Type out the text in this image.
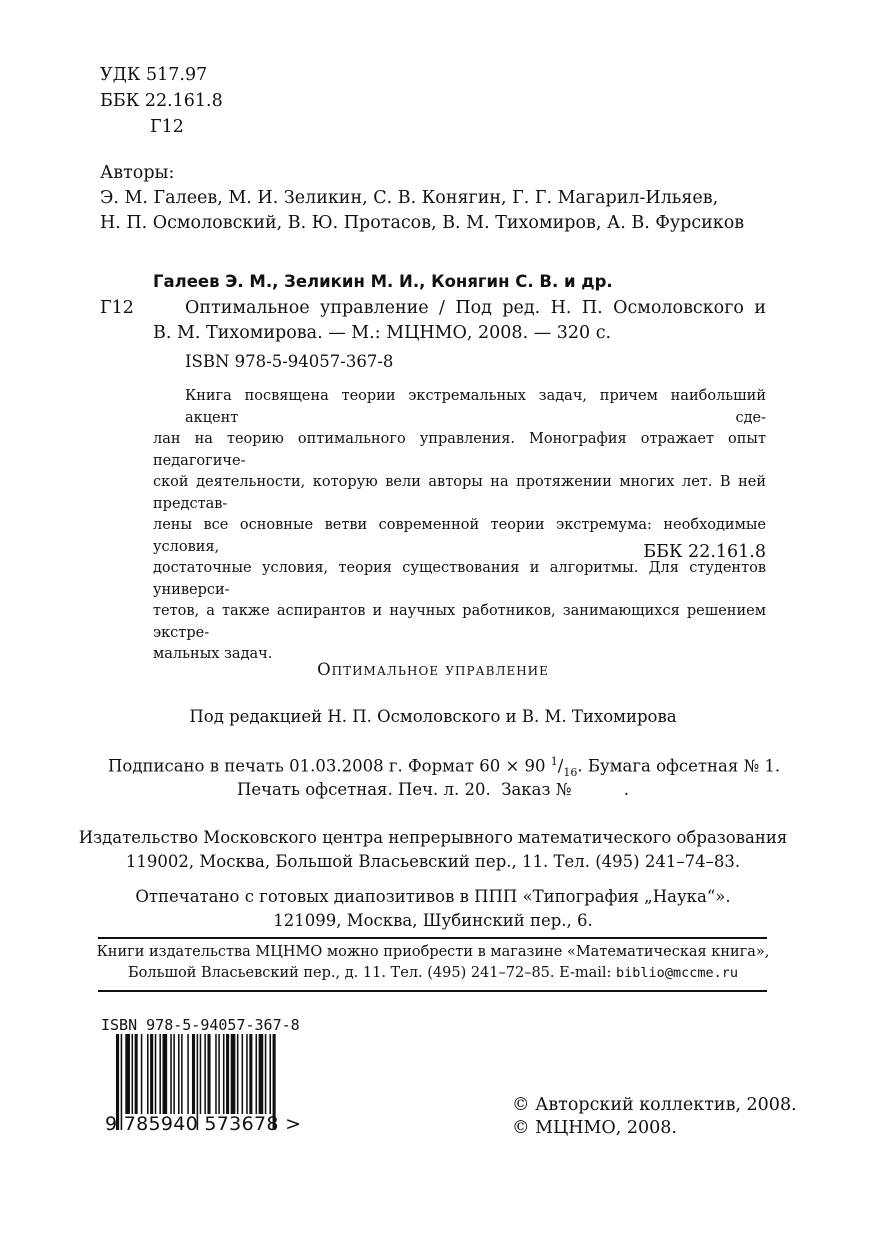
УДК 517.97
ББК 22.161.8
Г12
Авторы:
Э. М. Галеев, М. И. Зеликин, С. В. Конягин, Г. Г. Магарил-Ильяев,
Н. П. Осмоловский, В. Ю. Протасов, В. М. Тихомиров, А. В. Фурсиков
Галеев Э. М., Зеликин М. И., Конягин С. В. и др.
Г12	Оптимальное управление / Под ред. Н. П. Осмоловского и
В. М. Тихомирова. — М.: МЦНМО, 2008. — 320 с.
ISBN 978-5-94057-367-8
Книга посвящена теории экстремальных задач, причем наибольший акцент сде-
лан на теорию оптимального управления. Монография отражает опыт педагогиче-
ской деятельности, которую вели авторы на протяжении многих лет. В ней представ-
лены все основные ветви современной теории экстремума: необходимые условия,
достаточные условия, теория существования и алгоритмы. Для студентов универси-
тетов, а также аспирантов и научных работников, занимающихся решением экстре-
мальных задач.
ББК 22.161.8
Оптимальное управление
Под редакцией Н. П. Осмоловского и В. М. Тихомирова
Подписано в печать 01.03.2008 г. Формат 60 × 90 $^1/_{16}$. Бумага офсетная № 1.
Печать офсетная. Печ. л. 20.  Заказ №          .
Издательство Московского центра непрерывного математического образования
119002, Москва, Большой Власьевский пер., 11. Тел. (495) 241–74–83.
Отпечатано с готовых диапозитивов в ППП «Типография „Наука“».
121099, Москва, Шубинский пер., 6.
Книги издательства МЦНМО можно приобрести в магазине «Математическая книга»,
Большой Власьевский пер., д. 11. Тел. (495) 241–72–85. E-mail: biblio@mccme.ru
ISBN 978-5-94057-367-8
9 785940 573678 >
© Авторский коллектив, 2008.
© МЦНМО, 2008.
